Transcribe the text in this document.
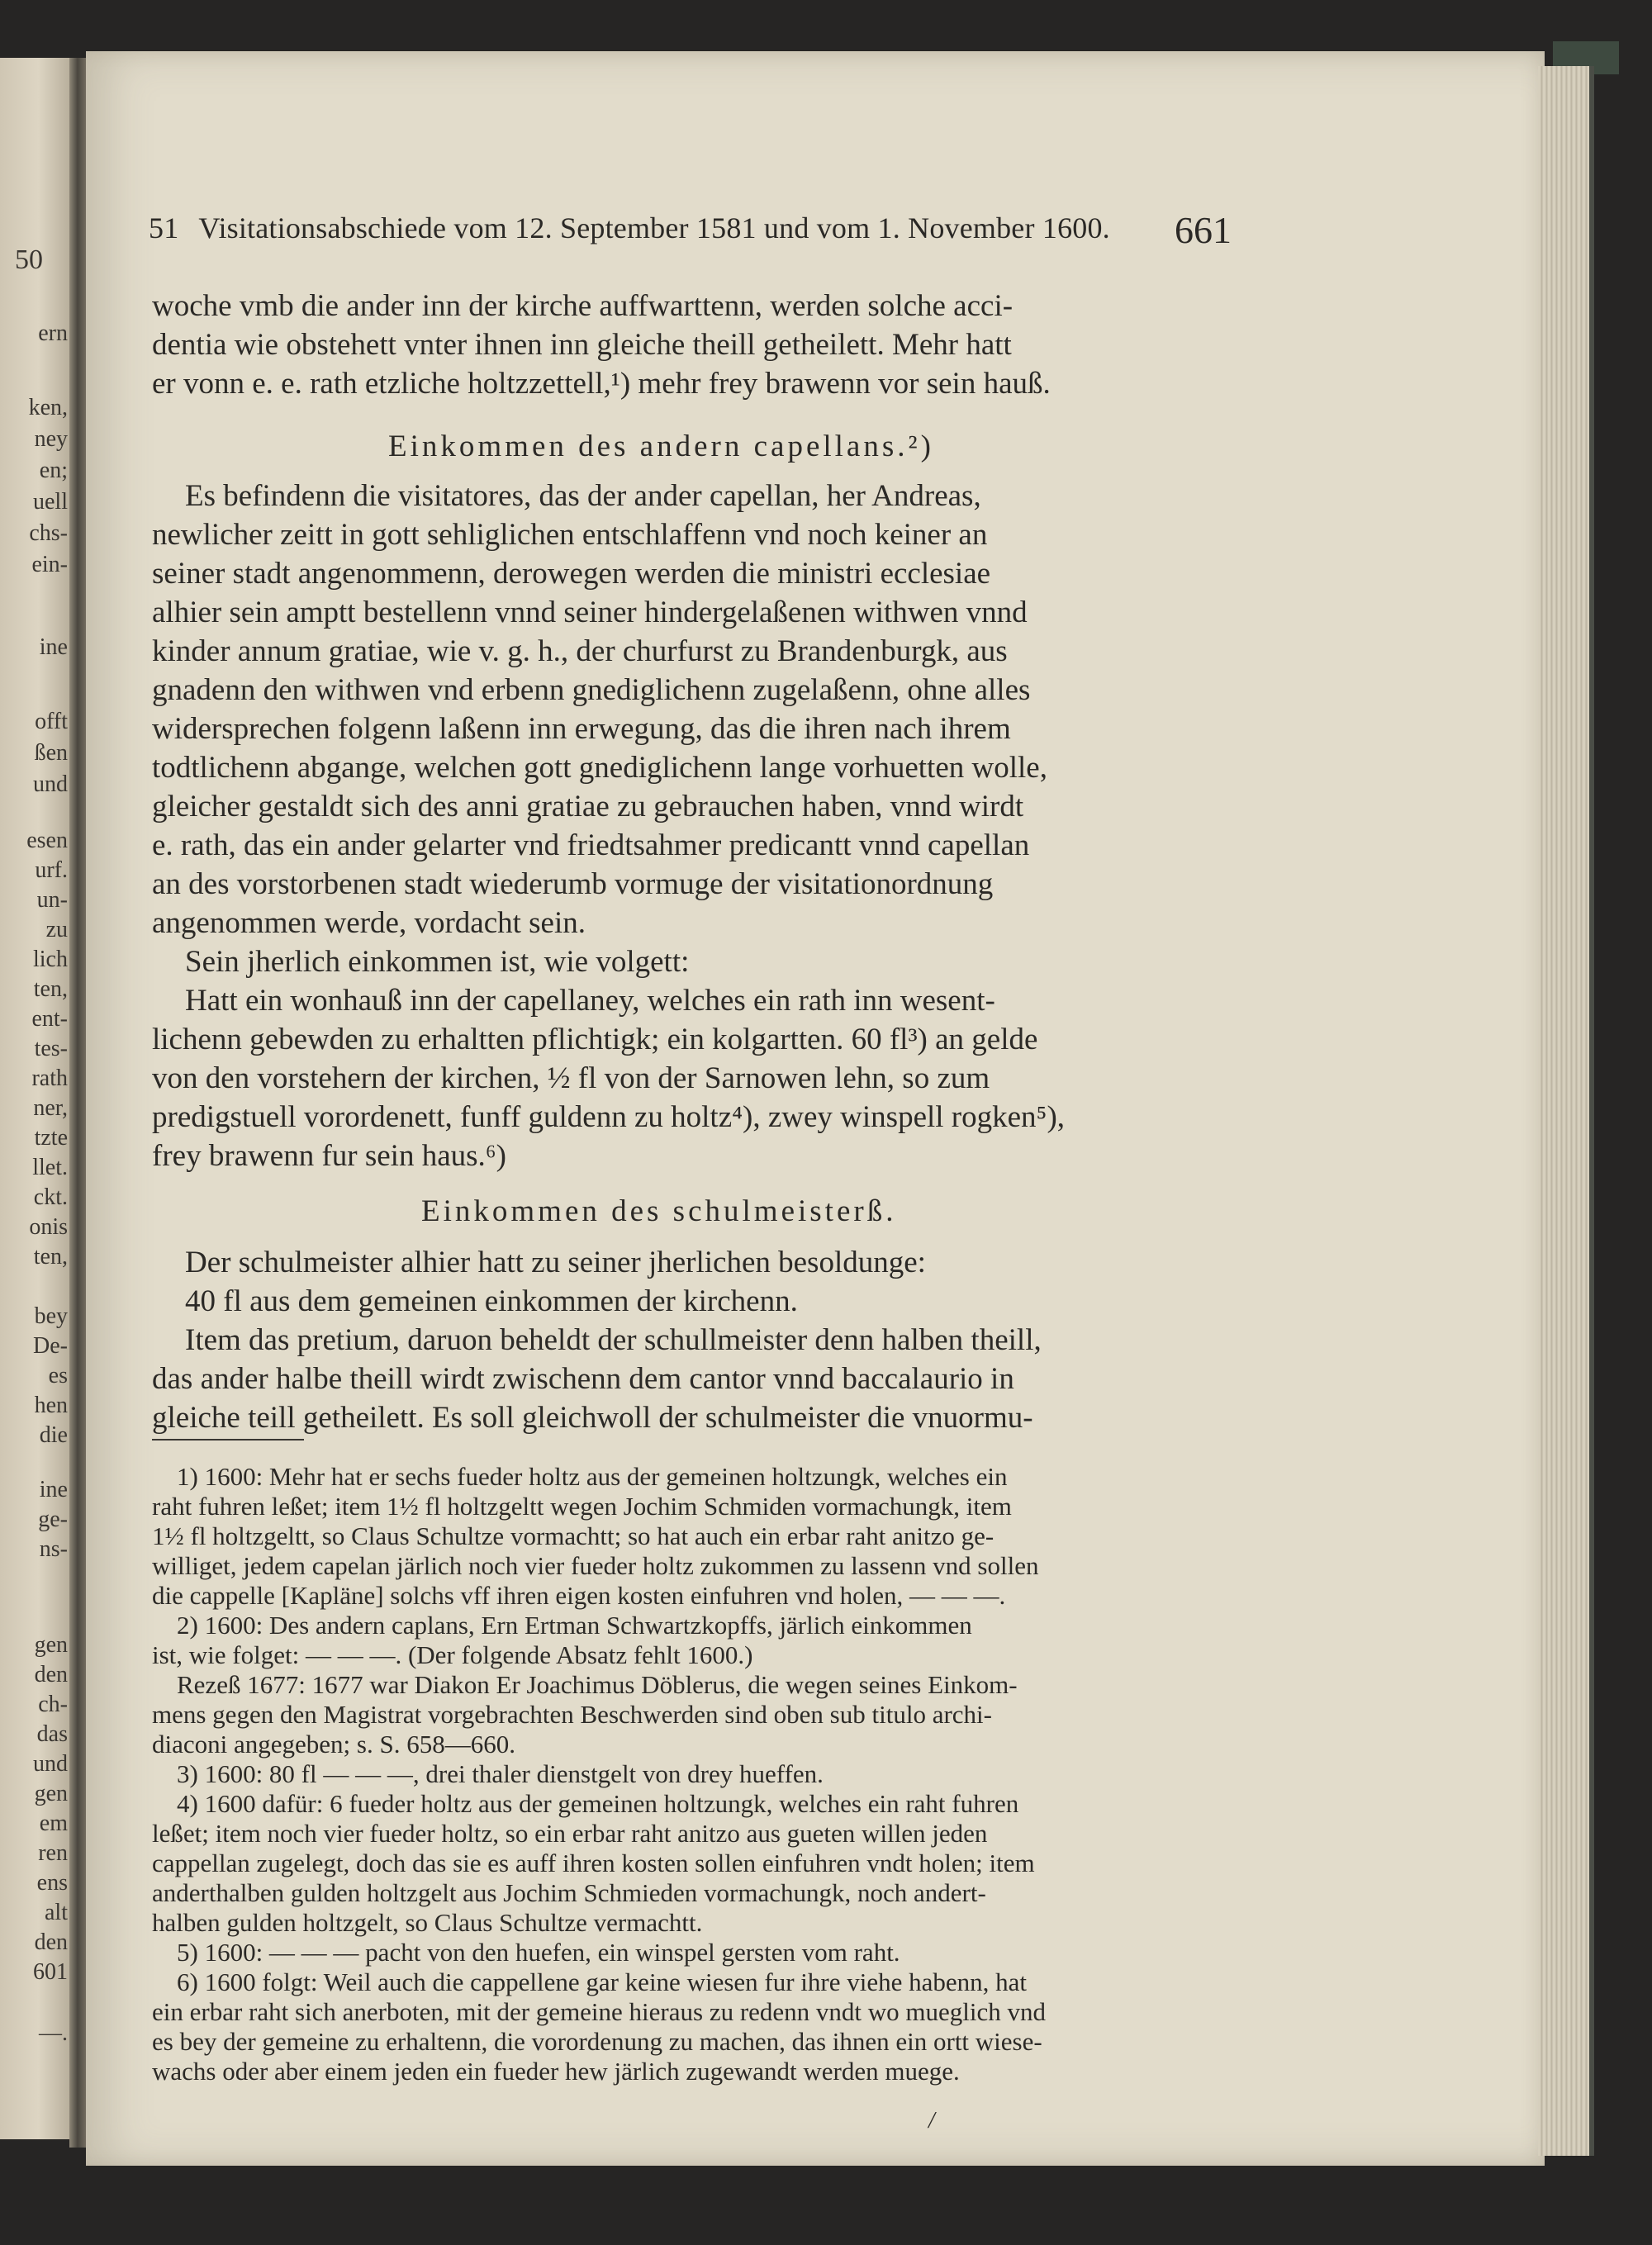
50
ern
ken,
ney
en;
uell
chs-
ein-
ine
offt
ßen
und
esen
urf.
un-
zu
lich
ten,
ent-
tes-
rath
ner,
tzte
llet.
ckt.
onis
ten,
bey
De-
es
hen
die
ine
ge-
ns-
gen
den
ch-
das
und
gen
em
ren
ens
alt
den
601
—.
51 Visitationsabschiede vom 12. September 1581 und vom 1. November 1600. 661
woche vmb die ander inn der kirche auffwarttenn, werden solche acci-
dentia wie obstehett vnter ihnen inn gleiche theill getheilett. Mehr hatt
er vonn e. e. rath etzliche holtzzettell,¹) mehr frey brawenn vor sein hauß.
Einkommen des andern capellans.²)
Es befindenn die visitatores, das der ander capellan, her Andreas,
newlicher zeitt in gott sehliglichen entschlaffenn vnd noch keiner an
seiner stadt angenommenn, derowegen werden die ministri ecclesiae
alhier sein amptt bestellenn vnnd seiner hindergelaßenen withwen vnnd
kinder annum gratiae, wie v. g. h., der churfurst zu Brandenburgk, aus
gnadenn den withwen vnd erbenn gnediglichenn zugelaßenn, ohne alles
widersprechen folgenn laßenn inn erwegung, das die ihren nach ihrem
todtlichenn abgange, welchen gott gnediglichenn lange vorhuetten wolle,
gleicher gestaldt sich des anni gratiae zu gebrauchen haben, vnnd wirdt
e. rath, das ein ander gelarter vnd friedtsahmer predicantt vnnd capellan
an des vorstorbenen stadt wiederumb vormuge der visitationordnung
angenommen werde, vordacht sein.
Sein jherlich einkommen ist, wie volgett:
Hatt ein wonhauß inn der capellaney, welches ein rath inn wesent-
lichenn gebewden zu erhaltten pflichtigk; ein kolgartten. 60 fl³) an gelde
von den vorstehern der kirchen, ½ fl von der Sarnowen lehn, so zum
predigstuell vorordenett, funff guldenn zu holtz⁴), zwey winspell rogken⁵),
frey brawenn fur sein haus.⁶)
Einkommen des schulmeisterß.
Der schulmeister alhier hatt zu seiner jherlichen besoldunge:
40 fl aus dem gemeinen einkommen der kirchenn.
Item das pretium, daruon beheldt der schullmeister denn halben theill,
das ander halbe theill wirdt zwischenn dem cantor vnnd baccalaurio in
gleiche teill getheilett. Es soll gleichwoll der schulmeister die vnuormu-
1) 1600: Mehr hat er sechs fueder holtz aus der gemeinen holtzungk, welches ein
raht fuhren leßet; item 1½ fl holtzgeltt wegen Jochim Schmiden vormachungk, item
1½ fl holtzgeltt, so Claus Schultze vormachtt; so hat auch ein erbar raht anitzo ge-
williget, jedem capelan järlich noch vier fueder holtz zukommen zu lassenn vnd sollen
die cappelle [Kapläne] solchs vff ihren eigen kosten einfuhren vnd holen, — — —.
2) 1600: Des andern caplans, Ern Ertman Schwartzkopffs, järlich einkommen
ist, wie folget: — — —. (Der folgende Absatz fehlt 1600.)
Rezeß 1677: 1677 war Diakon Er Joachimus Döblerus, die wegen seines Einkom-
mens gegen den Magistrat vorgebrachten Beschwerden sind oben sub titulo archi-
diaconi angegeben; s. S. 658—660.
3) 1600: 80 fl — — —, drei thaler dienstgelt von drey hueffen.
4) 1600 dafür: 6 fueder holtz aus der gemeinen holtzungk, welches ein raht fuhren
leßet; item noch vier fueder holtz, so ein erbar raht anitzo aus gueten willen jeden
cappellan zugelegt, doch das sie es auff ihren kosten sollen einfuhren vndt holen; item
anderthalben gulden holtzgelt aus Jochim Schmieden vormachungk, noch andert-
halben gulden holtzgelt, so Claus Schultze vermachtt.
5) 1600: — — — pacht von den huefen, ein winspel gersten vom raht.
6) 1600 folgt: Weil auch die cappellene gar keine wiesen fur ihre viehe habenn, hat
ein erbar raht sich anerboten, mit der gemeine hieraus zu redenn vndt wo mueglich vnd
es bey der gemeine zu erhaltenn, die vorordenung zu machen, das ihnen ein ortt wiese-
wachs oder aber einem jeden ein fueder hew järlich zugewandt werden muege.
/
